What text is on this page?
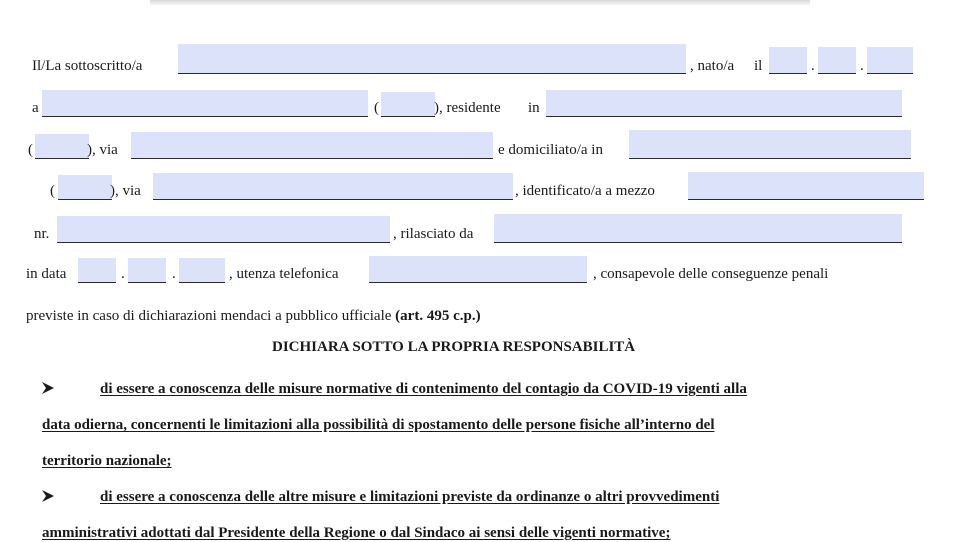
Il/La sottoscritto/a	, nato/a il	.	.
a	(	), residente in
(	), via	e domiciliato/a in
(	), via	, identificato/a a mezzo
nr.	, rilasciato da
in data	.	.	, utenza telefonica	, consapevole delle conseguenze penali
previste in caso di dichiarazioni mendaci a pubblico ufficiale (art. 495 c.p.)
DICHIARA SOTTO LA PROPRIA RESPONSABILITÀ
di essere a conoscenza delle misure normative di contenimento del contagio da COVID-19 vigenti alla
data odierna, concernenti le limitazioni alla possibilità di spostamento delle persone fisiche all’interno del
territorio nazionale;
di essere a conoscenza delle altre misure e limitazioni previste da ordinanze o altri provvedimenti
amministrativi adottati dal Presidente della Regione o dal Sindaco ai sensi delle vigenti normative;
